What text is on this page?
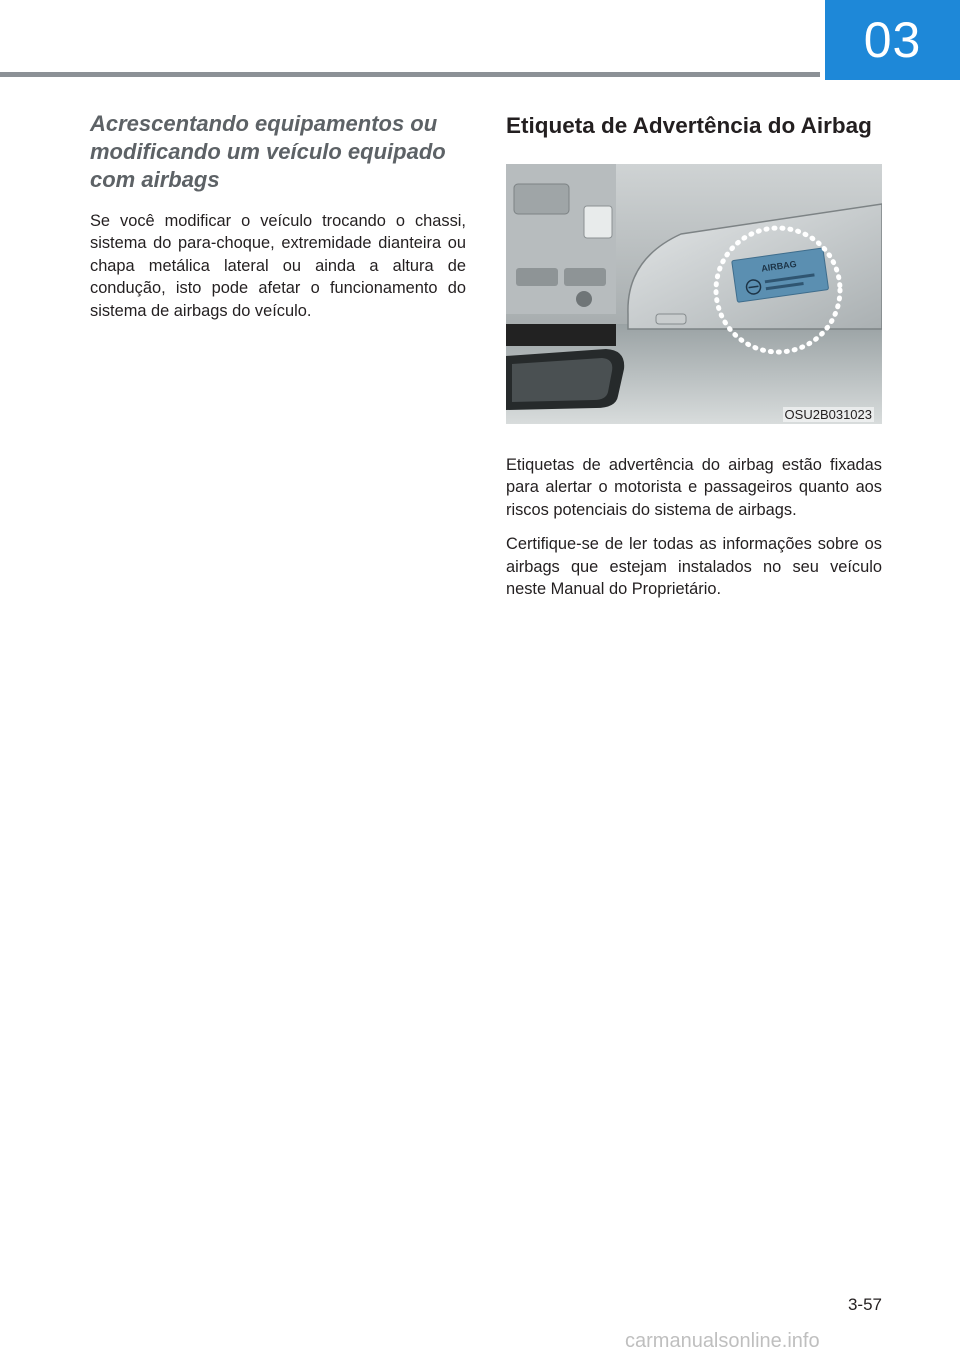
03
Acrescentando equipamentos ou modificando um veículo equipado com airbags

Se você modificar o veículo trocando o chassi, sistema do para-choque, extremidade dianteira ou chapa metálica lateral ou ainda a altura de condução, isto pode afetar o funcionamento do sistema de airbags do veículo.

Etiqueta de Advertência do Airbag
AIRBAG
OSU2B031023

Etiquetas de advertência do airbag estão fixadas para alertar o motorista e passageiros quanto aos riscos potenciais do sistema de airbags.

Certifique-se de ler todas as informações sobre os airbags que estejam instalados no seu veículo neste Manual do Proprietário.

3-57
carmanualsonline.info
